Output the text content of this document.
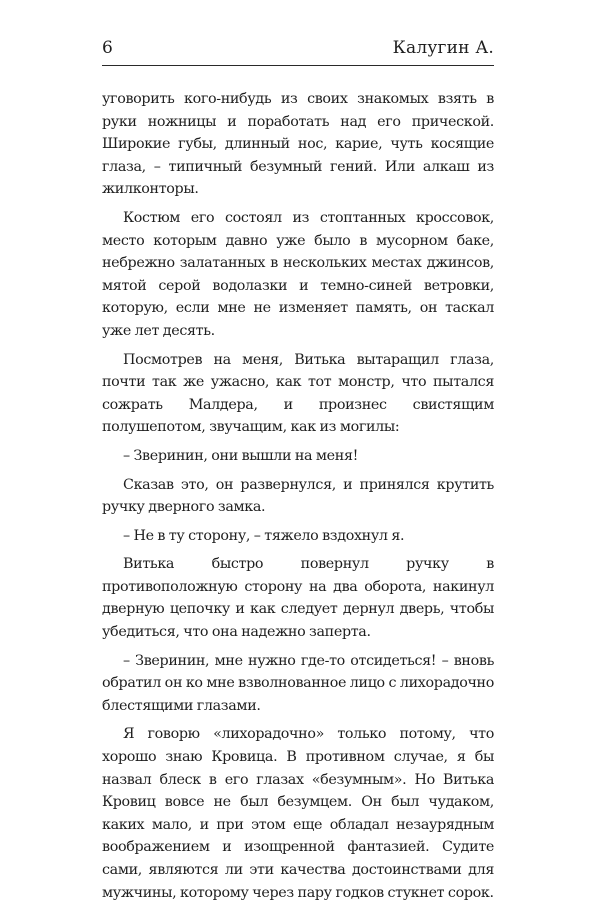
6	Калугин А.

уговорить кого-нибудь из своих знакомых взять в руки ножницы и поработать над его прической. Широкие губы, длинный нос, карие, чуть косящие глаза, – типичный безумный гений. Или алкаш из жилконторы.

Костюм его состоял из стоптанных кроссовок, место которым давно уже было в мусорном баке, небрежно залатанных в нескольких местах джинсов, мятой серой водолазки и темно-синей ветровки, которую, если мне не изменяет память, он таскал уже лет десять.

Посмотрев на меня, Витька вытаращил глаза, почти так же ужасно, как тот монстр, что пытался сожрать Малдера, и произнес свистящим полушепотом, звучащим, как из могилы:

– Зверинин, они вышли на меня!

Сказав это, он развернулся, и принялся крутить ручку дверного замка.

– Не в ту сторону, – тяжело вздохнул я.

Витька быстро повернул ручку в противоположную сторону на два оборота, накинул дверную цепочку и как следует дернул дверь, чтобы убедиться, что она надежно заперта.

– Зверинин, мне нужно где-то отсидеться! – вновь обратил он ко мне взволнованное лицо с лихорадочно блестящими глазами.

Я говорю «лихорадочно» только потому, что хорошо знаю Кровица. В противном случае, я бы назвал блеск в его глазах «безумным». Но Витька Кровиц вовсе не был безумцем. Он был чудаком, каких мало, и при этом еще обладал незаурядным воображением и изощренной фантазией. Судите сами, являются ли эти качества достоинствами для мужчины, которому через пару годков стукнет сорок.
